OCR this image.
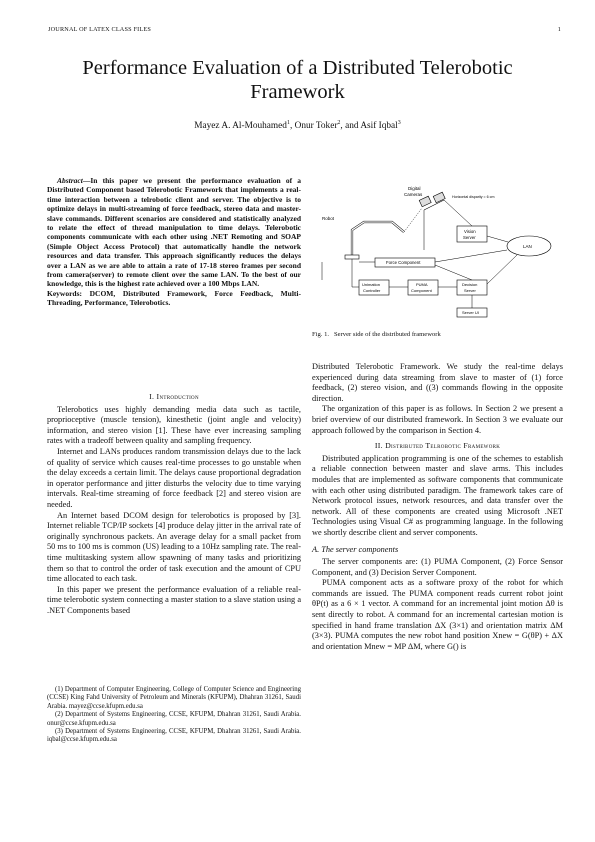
JOURNAL OF LATEX CLASS FILES	1
Performance Evaluation of a Distributed Telerobotic Framework
Mayez A. Al-Mouhamed$^1$, Onur Toker$^2$, and Asif Iqbal$^3$

Abstract—In this paper we present the performance evaluation of a Distributed Component based Telerobotic Framework that implements a real-time interaction between a telrobotic client and server. The objective is to optimize delays in multi-streaming of force feedback, stereo data and master-slave commands. Different scenarios are considered and statistically analyzed to relate the effect of thread manipulation to time delays. Telerobotic components communicate with each other using .NET Remoting and SOAP (Simple Object Access Protocol) that automatically handle the network resources and data transfer. This approach significantly reduces the delays over a LAN as we are able to attain a rate of 17-18 stereo frames per second from camera(server) to remote client over the same LAN. To the best of our knowledge, this is the highest rate achieved over a 100 Mbps LAN.

Keywords: DCOM, Distributed Framework, Force Feedback, Multi-Threading, Performance, Telerobotics.

I. Introduction

Telerobotics uses highly demanding media data such as tactile, proprioceptive (muscle tension), kinesthetic (joint angle and velocity) information, and stereo vision [1]. These have ever increasing sampling rates with a tradeoff between quality and sampling frequency.

Internet and LANs produces random transmission delays due to the lack of quality of service which causes real-time processes to go unstable when the delay exceeds a certain limit. The delays cause proportional degradation in operator performance and jitter disturbs the velocity due to time varying intervals. Real-time streaming of force feedback [2] and stereo vision are needed.

An Internet based DCOM design for telerobotics is proposed by [3]. Internet reliable TCP/IP sockets [4] produce delay jitter in the arrival rate of originally synchronous packets. An average delay for a small packet from 50 ms to 100 ms is common (US) leading to a 10Hz sampling rate. The real-time multitasking system allow spawning of many tasks and prioritizing them so that to control the order of task execution and the amount of CPU time allocated to each task.

In this paper we present the performance evaluation of a reliable real-time telerobotic system connecting a master station to a slave station using a .NET Components based

(1) Department of Computer Engineering, College of Computer Science and Engineering (CCSE) King Fahd University of Petroleum and Minerals (KFUPM), Dhahran 31261, Saudi Arabia. mayez@ccse.kfupm.edu.sa
(2) Department of Systems Engineering, CCSE, KFUPM, Dhahran 31261, Saudi Arabia. onur@ccse.kfupm.edu.sa
(3) Department of Systems Engineering, CCSE, KFUPM, Dhahran 31261, Saudi Arabia. iqbal@ccse.kfupm.edu.sa
Digital
Cameras	Horizontal disparity = 6 cm
Robot
Vision
Server
Force Component
LAN
Unimation
Controller
PUMA
Component
Decision
Server
Server UI
Fig. 1. Server side of the distributed framework

Distributed Telerobotic Framework. We study the real-time delays experienced during data streaming from slave to master of (1) force feedback, (2) stereo vision, and ((3) commands flowing in the opposite direction.

The organization of this paper is as follows. In Section 2 we present a brief overview of our distributed framework. In Section 3 we evaluate our approach followed by the comparison in Section 4.

II. Distributed Telrobotic Framework

Distributed application programming is one of the schemes to establish a reliable connection between master and slave arms. This includes modules that are implemented as software components that communicate with each other using distributed paradigm. The framework takes care of Network protocol issues, network resources, and data transfer over the network. All of these components are created using Microsoft .NET Technologies using Visual C# as programming language. In the following we shortly describe client and server components.

A. The server components

The server components are: (1) PUMA Component, (2) Force Sensor Component, and (3) Decision Server Component.

PUMA component acts as a software proxy of the robot for which commands are issued. The PUMA component reads current robot joint θP(t) as a 6 × 1 vector. A command for an incremental joint motion Δθ is sent directly to robot. A command for an incremental cartesian motion is specified in hand frame translation ΔX (3×1) and orientation matrix ΔM (3×3). PUMA computes the new robot hand position Xnew = G(θP) + ΔX and orientation Mnew = MP ΔM, where G() is
